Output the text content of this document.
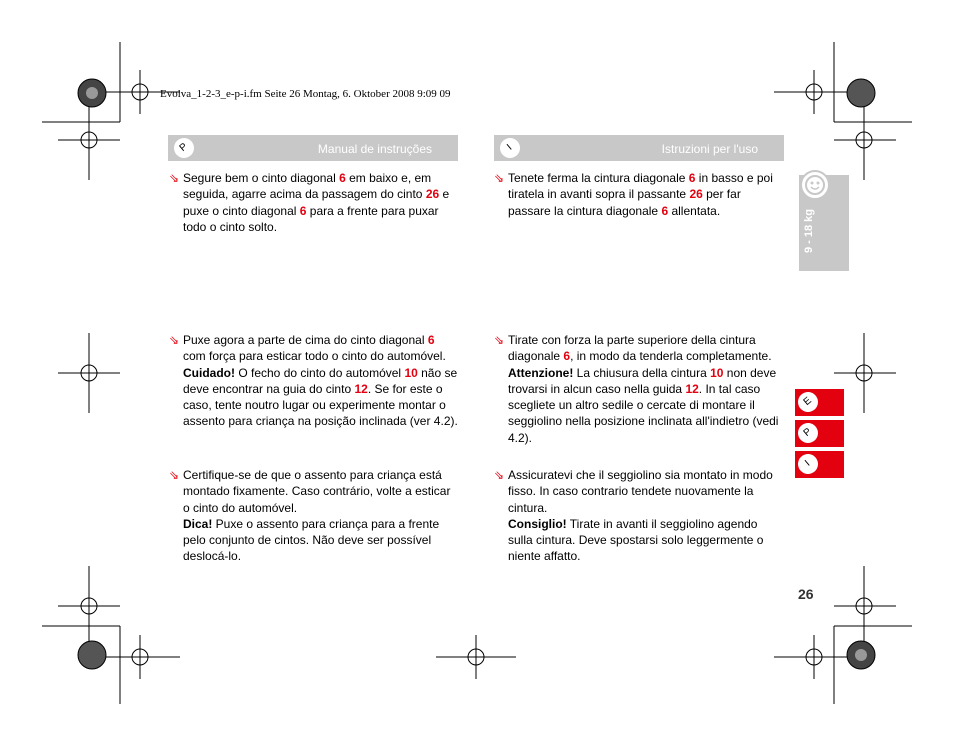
Evolva_1-2-3_e-p-i.fm Seite 26 Montag, 6. Oktober 2008 9:09 09
P	Manual de instruções	I	Istruzioni per l'uso
⇘ Segure bem o cinto diagonal 6 em baixo e, em seguida, agarre acima da passagem do cinto 26 e puxe o cinto diagonal 6 para a frente para puxar todo o cinto solto.

⇘ Puxe agora a parte de cima do cinto diagonal 6 com força para esticar todo o cinto do automóvel.

Cuidado! O fecho do cinto do automóvel 10 não se deve encontrar na guia do cinto 12. Se for este o caso, tente noutro lugar ou experimente montar o assento para criança na posição inclinada (ver 4.2).

⇘ Certifique-se de que o assento para criança está montado fixamente. Caso contrário, volte a esticar o cinto do automóvel.

Dica! Puxe o assento para criança para a frente pelo conjunto de cintos. Não deve ser possível deslocá-lo.

⇘ Tenete ferma la cintura diagonale 6 in basso e poi tiratela in avanti sopra il passante 26 per far passare la cintura diagonale 6 allentata.

⇘ Tirate con forza la parte superiore della cintura diagonale 6, in modo da tenderla completamente.

Attenzione! La chiusura della cintura 10 non deve trovarsi in alcun caso nella guida 12. In tal caso scegliete un altro sedile o cercate di montare il seggiolino nella posizione inclinata all'indietro (vedi 4.2).

⇘ Assicuratevi che il seggiolino sia montato in modo fisso. In caso contrario tendete nuovamente la cintura.

Consiglio! Tirate in avanti il seggiolino agendo sulla cintura. Deve spostarsi solo leggermente o niente affatto.

9 - 18 kg
E
P
I
26
